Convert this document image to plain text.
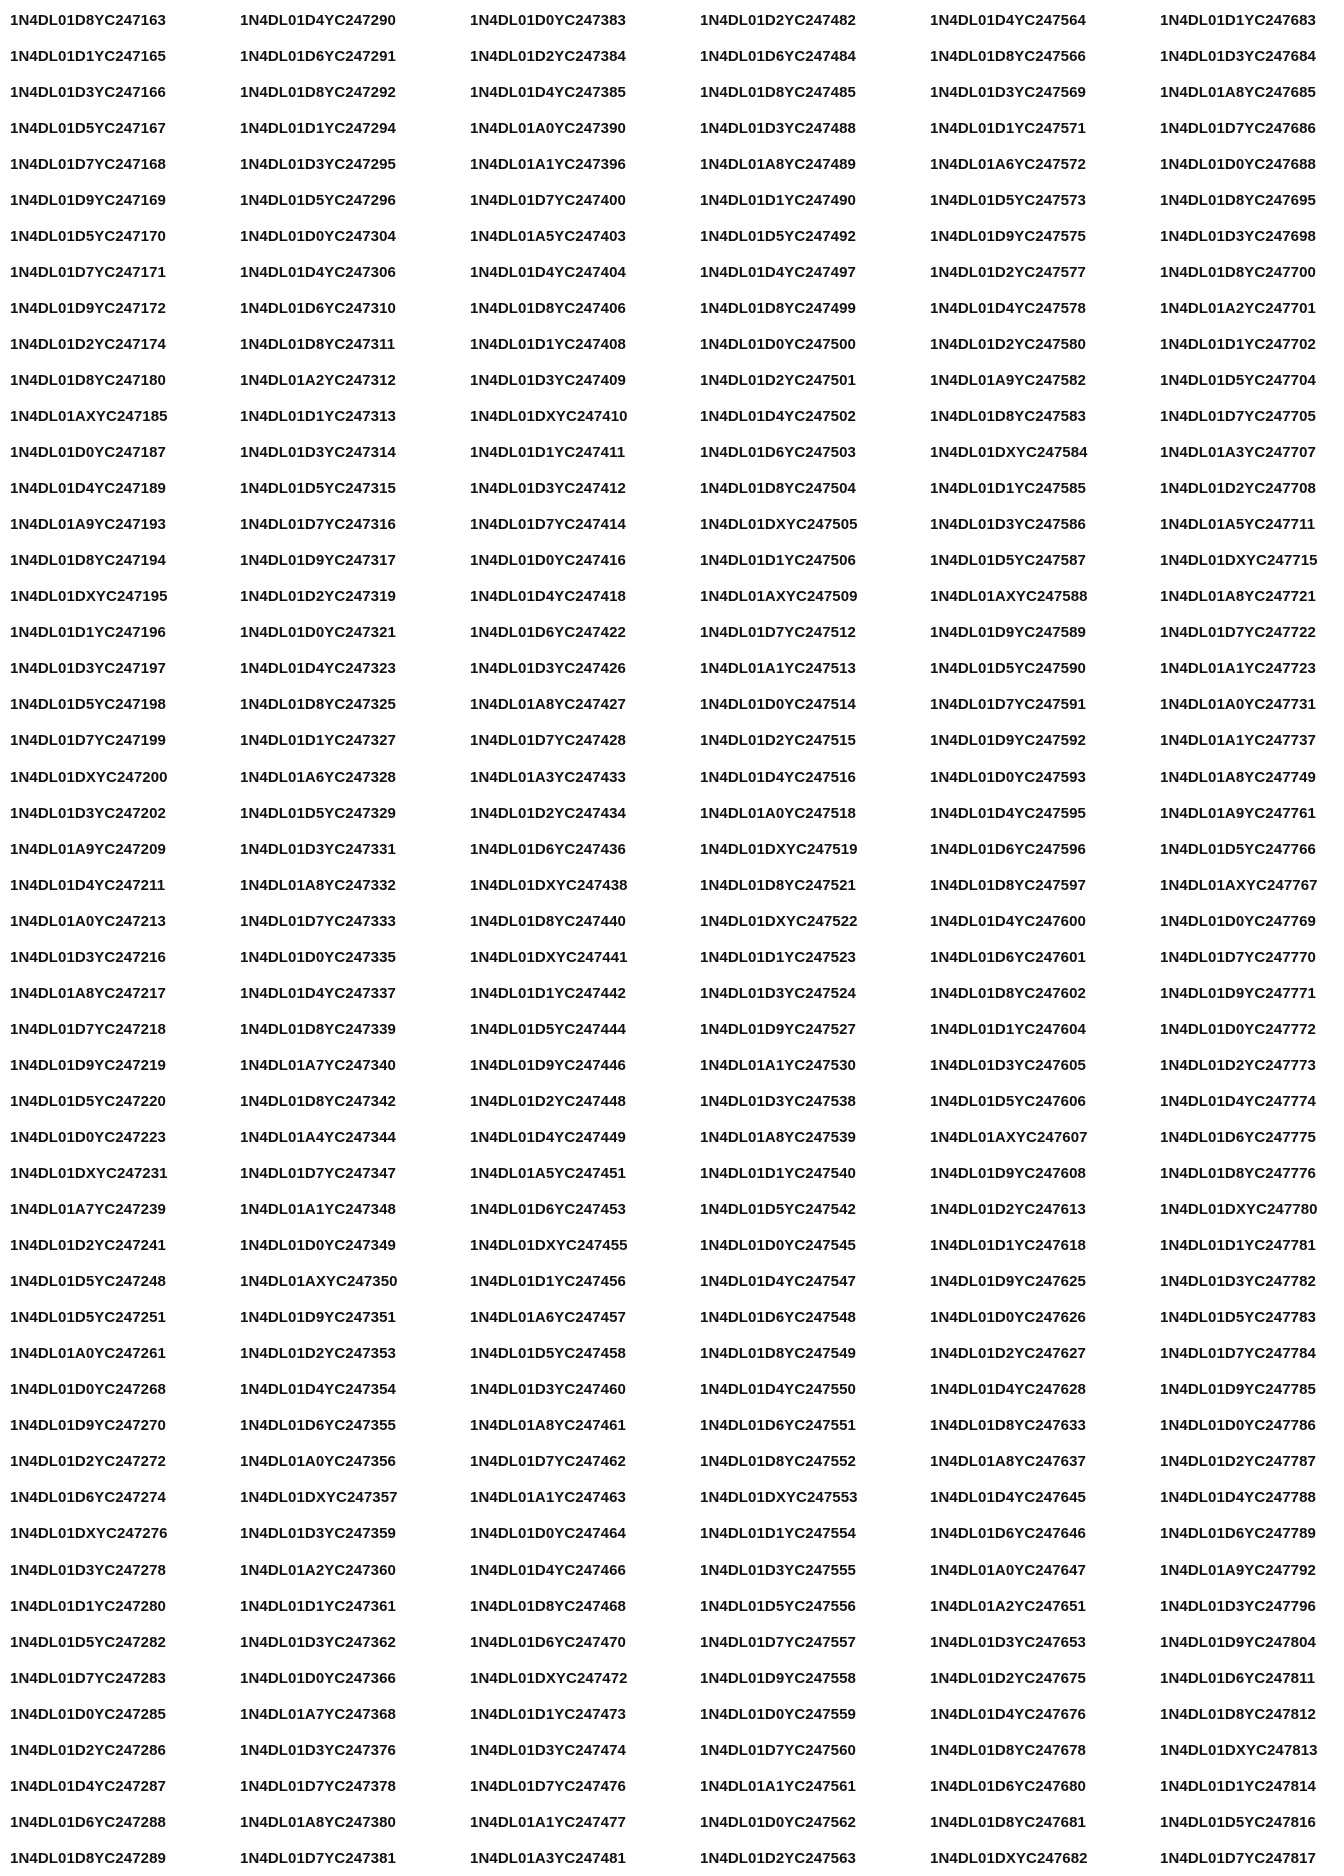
1N4DL01D8YC247163	1N4DL01D4YC247290	1N4DL01D0YC247383	1N4DL01D2YC247482	1N4DL01D4YC247564	1N4DL01D1YC247683
1N4DL01D1YC247165	1N4DL01D6YC247291	1N4DL01D2YC247384	1N4DL01D6YC247484	1N4DL01D8YC247566	1N4DL01D3YC247684
1N4DL01D3YC247166	1N4DL01D8YC247292	1N4DL01D4YC247385	1N4DL01D8YC247485	1N4DL01D3YC247569	1N4DL01A8YC247685
1N4DL01D5YC247167	1N4DL01D1YC247294	1N4DL01A0YC247390	1N4DL01D3YC247488	1N4DL01D1YC247571	1N4DL01D7YC247686
1N4DL01D7YC247168	1N4DL01D3YC247295	1N4DL01A1YC247396	1N4DL01A8YC247489	1N4DL01A6YC247572	1N4DL01D0YC247688
1N4DL01D9YC247169	1N4DL01D5YC247296	1N4DL01D7YC247400	1N4DL01D1YC247490	1N4DL01D5YC247573	1N4DL01D8YC247695
1N4DL01D5YC247170	1N4DL01D0YC247304	1N4DL01A5YC247403	1N4DL01D5YC247492	1N4DL01D9YC247575	1N4DL01D3YC247698
1N4DL01D7YC247171	1N4DL01D4YC247306	1N4DL01D4YC247404	1N4DL01D4YC247497	1N4DL01D2YC247577	1N4DL01D8YC247700
1N4DL01D9YC247172	1N4DL01D6YC247310	1N4DL01D8YC247406	1N4DL01D8YC247499	1N4DL01D4YC247578	1N4DL01A2YC247701
1N4DL01D2YC247174	1N4DL01D8YC247311	1N4DL01D1YC247408	1N4DL01D0YC247500	1N4DL01D2YC247580	1N4DL01D1YC247702
1N4DL01D8YC247180	1N4DL01A2YC247312	1N4DL01D3YC247409	1N4DL01D2YC247501	1N4DL01A9YC247582	1N4DL01D5YC247704
1N4DL01AXYC247185	1N4DL01D1YC247313	1N4DL01DXYC247410	1N4DL01D4YC247502	1N4DL01D8YC247583	1N4DL01D7YC247705
1N4DL01D0YC247187	1N4DL01D3YC247314	1N4DL01D1YC247411	1N4DL01D6YC247503	1N4DL01DXYC247584	1N4DL01A3YC247707
1N4DL01D4YC247189	1N4DL01D5YC247315	1N4DL01D3YC247412	1N4DL01D8YC247504	1N4DL01D1YC247585	1N4DL01D2YC247708
1N4DL01A9YC247193	1N4DL01D7YC247316	1N4DL01D7YC247414	1N4DL01DXYC247505	1N4DL01D3YC247586	1N4DL01A5YC247711
1N4DL01D8YC247194	1N4DL01D9YC247317	1N4DL01D0YC247416	1N4DL01D1YC247506	1N4DL01D5YC247587	1N4DL01DXYC247715
1N4DL01DXYC247195	1N4DL01D2YC247319	1N4DL01D4YC247418	1N4DL01AXYC247509	1N4DL01AXYC247588	1N4DL01A8YC247721
1N4DL01D1YC247196	1N4DL01D0YC247321	1N4DL01D6YC247422	1N4DL01D7YC247512	1N4DL01D9YC247589	1N4DL01D7YC247722
1N4DL01D3YC247197	1N4DL01D4YC247323	1N4DL01D3YC247426	1N4DL01A1YC247513	1N4DL01D5YC247590	1N4DL01A1YC247723
1N4DL01D5YC247198	1N4DL01D8YC247325	1N4DL01A8YC247427	1N4DL01D0YC247514	1N4DL01D7YC247591	1N4DL01A0YC247731
1N4DL01D7YC247199	1N4DL01D1YC247327	1N4DL01D7YC247428	1N4DL01D2YC247515	1N4DL01D9YC247592	1N4DL01A1YC247737
1N4DL01DXYC247200	1N4DL01A6YC247328	1N4DL01A3YC247433	1N4DL01D4YC247516	1N4DL01D0YC247593	1N4DL01A8YC247749
1N4DL01D3YC247202	1N4DL01D5YC247329	1N4DL01D2YC247434	1N4DL01A0YC247518	1N4DL01D4YC247595	1N4DL01A9YC247761
1N4DL01A9YC247209	1N4DL01D3YC247331	1N4DL01D6YC247436	1N4DL01DXYC247519	1N4DL01D6YC247596	1N4DL01D5YC247766
1N4DL01D4YC247211	1N4DL01A8YC247332	1N4DL01DXYC247438	1N4DL01D8YC247521	1N4DL01D8YC247597	1N4DL01AXYC247767
1N4DL01A0YC247213	1N4DL01D7YC247333	1N4DL01D8YC247440	1N4DL01DXYC247522	1N4DL01D4YC247600	1N4DL01D0YC247769
1N4DL01D3YC247216	1N4DL01D0YC247335	1N4DL01DXYC247441	1N4DL01D1YC247523	1N4DL01D6YC247601	1N4DL01D7YC247770
1N4DL01A8YC247217	1N4DL01D4YC247337	1N4DL01D1YC247442	1N4DL01D3YC247524	1N4DL01D8YC247602	1N4DL01D9YC247771
1N4DL01D7YC247218	1N4DL01D8YC247339	1N4DL01D5YC247444	1N4DL01D9YC247527	1N4DL01D1YC247604	1N4DL01D0YC247772
1N4DL01D9YC247219	1N4DL01A7YC247340	1N4DL01D9YC247446	1N4DL01A1YC247530	1N4DL01D3YC247605	1N4DL01D2YC247773
1N4DL01D5YC247220	1N4DL01D8YC247342	1N4DL01D2YC247448	1N4DL01D3YC247538	1N4DL01D5YC247606	1N4DL01D4YC247774
1N4DL01D0YC247223	1N4DL01A4YC247344	1N4DL01D4YC247449	1N4DL01A8YC247539	1N4DL01AXYC247607	1N4DL01D6YC247775
1N4DL01DXYC247231	1N4DL01D7YC247347	1N4DL01A5YC247451	1N4DL01D1YC247540	1N4DL01D9YC247608	1N4DL01D8YC247776
1N4DL01A7YC247239	1N4DL01A1YC247348	1N4DL01D6YC247453	1N4DL01D5YC247542	1N4DL01D2YC247613	1N4DL01DXYC247780
1N4DL01D2YC247241	1N4DL01D0YC247349	1N4DL01DXYC247455	1N4DL01D0YC247545	1N4DL01D1YC247618	1N4DL01D1YC247781
1N4DL01D5YC247248	1N4DL01AXYC247350	1N4DL01D1YC247456	1N4DL01D4YC247547	1N4DL01D9YC247625	1N4DL01D3YC247782
1N4DL01D5YC247251	1N4DL01D9YC247351	1N4DL01A6YC247457	1N4DL01D6YC247548	1N4DL01D0YC247626	1N4DL01D5YC247783
1N4DL01A0YC247261	1N4DL01D2YC247353	1N4DL01D5YC247458	1N4DL01D8YC247549	1N4DL01D2YC247627	1N4DL01D7YC247784
1N4DL01D0YC247268	1N4DL01D4YC247354	1N4DL01D3YC247460	1N4DL01D4YC247550	1N4DL01D4YC247628	1N4DL01D9YC247785
1N4DL01D9YC247270	1N4DL01D6YC247355	1N4DL01A8YC247461	1N4DL01D6YC247551	1N4DL01D8YC247633	1N4DL01D0YC247786
1N4DL01D2YC247272	1N4DL01A0YC247356	1N4DL01D7YC247462	1N4DL01D8YC247552	1N4DL01A8YC247637	1N4DL01D2YC247787
1N4DL01D6YC247274	1N4DL01DXYC247357	1N4DL01A1YC247463	1N4DL01DXYC247553	1N4DL01D4YC247645	1N4DL01D4YC247788
1N4DL01DXYC247276	1N4DL01D3YC247359	1N4DL01D0YC247464	1N4DL01D1YC247554	1N4DL01D6YC247646	1N4DL01D6YC247789
1N4DL01D3YC247278	1N4DL01A2YC247360	1N4DL01D4YC247466	1N4DL01D3YC247555	1N4DL01A0YC247647	1N4DL01A9YC247792
1N4DL01D1YC247280	1N4DL01D1YC247361	1N4DL01D8YC247468	1N4DL01D5YC247556	1N4DL01A2YC247651	1N4DL01D3YC247796
1N4DL01D5YC247282	1N4DL01D3YC247362	1N4DL01D6YC247470	1N4DL01D7YC247557	1N4DL01D3YC247653	1N4DL01D9YC247804
1N4DL01D7YC247283	1N4DL01D0YC247366	1N4DL01DXYC247472	1N4DL01D9YC247558	1N4DL01D2YC247675	1N4DL01D6YC247811
1N4DL01D0YC247285	1N4DL01A7YC247368	1N4DL01D1YC247473	1N4DL01D0YC247559	1N4DL01D4YC247676	1N4DL01D8YC247812
1N4DL01D2YC247286	1N4DL01D3YC247376	1N4DL01D3YC247474	1N4DL01D7YC247560	1N4DL01D8YC247678	1N4DL01DXYC247813
1N4DL01D4YC247287	1N4DL01D7YC247378	1N4DL01D7YC247476	1N4DL01A1YC247561	1N4DL01D6YC247680	1N4DL01D1YC247814
1N4DL01D6YC247288	1N4DL01A8YC247380	1N4DL01A1YC247477	1N4DL01D0YC247562	1N4DL01D8YC247681	1N4DL01D5YC247816
1N4DL01D8YC247289	1N4DL01D7YC247381	1N4DL01A3YC247481	1N4DL01D2YC247563	1N4DL01DXYC247682	1N4DL01D7YC247817
